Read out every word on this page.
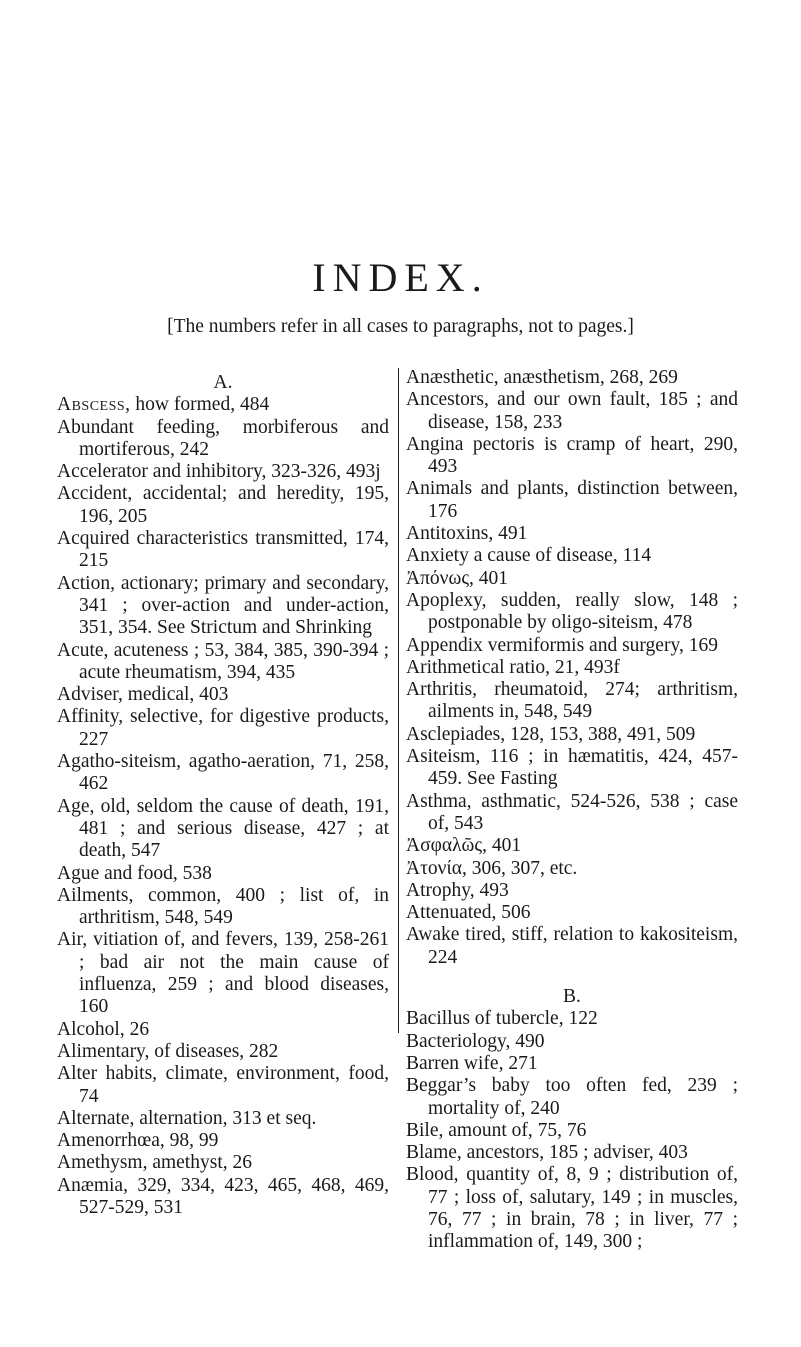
INDEX.
[The numbers refer in all cases to paragraphs, not to pages.]
A.
Abscess, how formed, 484
Abundant feeding, morbiferous and mortiferous, 242
Accelerator and inhibitory, 323-326, 493j
Accident, accidental; and heredity, 195, 196, 205
Acquired characteristics transmitted, 174, 215
Action, actionary; primary and secondary, 341 ; over-action and under-action, 351, 354. See Strictum and Shrinking
Acute, acuteness ; 53, 384, 385, 390-394 ; acute rheumatism, 394, 435
Adviser, medical, 403
Affinity, selective, for digestive products, 227
Agatho-siteism, agatho-aeration, 71, 258, 462
Age, old, seldom the cause of death, 191, 481 ; and serious disease, 427 ; at death, 547
Ague and food, 538
Ailments, common, 400 ; list of, in arthritism, 548, 549
Air, vitiation of, and fevers, 139, 258-261 ; bad air not the main cause of influenza, 259 ; and blood diseases, 160
Alcohol, 26
Alimentary, of diseases, 282
Alter habits, climate, environment, food, 74
Alternate, alternation, 313 et seq.
Amenorrhœa, 98, 99
Amethysm, amethyst, 26
Anæmia, 329, 334, 423, 465, 468, 469, 527-529, 531
Anæsthetic, anæsthetism, 268, 269
Ancestors, and our own fault, 185 ; and disease, 158, 233
Angina pectoris is cramp of heart, 290, 493
Animals and plants, distinction between, 176
Antitoxins, 491
Anxiety a cause of disease, 114
Ἀπόνως, 401
Apoplexy, sudden, really slow, 148 ; postponable by oligo-siteism, 478
Appendix vermiformis and surgery, 169
Arithmetical ratio, 21, 493f
Arthritis, rheumatoid, 274; arthritism, ailments in, 548, 549
Asclepiades, 128, 153, 388, 491, 509
Asiteism, 116 ; in hæmatitis, 424, 457-459. See Fasting
Asthma, asthmatic, 524-526, 538 ; case of, 543
Ἀσφαλῶς, 401
Ἀτονία, 306, 307, etc.
Atrophy, 493
Attenuated, 506
Awake tired, stiff, relation to kakositeism, 224
B.
Bacillus of tubercle, 122
Bacteriology, 490
Barren wife, 271
Beggar’s baby too often fed, 239 ; mortality of, 240
Bile, amount of, 75, 76
Blame, ancestors, 185 ; adviser, 403
Blood, quantity of, 8, 9 ; distribution of, 77 ; loss of, salutary, 149 ; in muscles, 76, 77 ; in brain, 78 ; in liver, 77 ; inflammation of, 149, 300 ;
